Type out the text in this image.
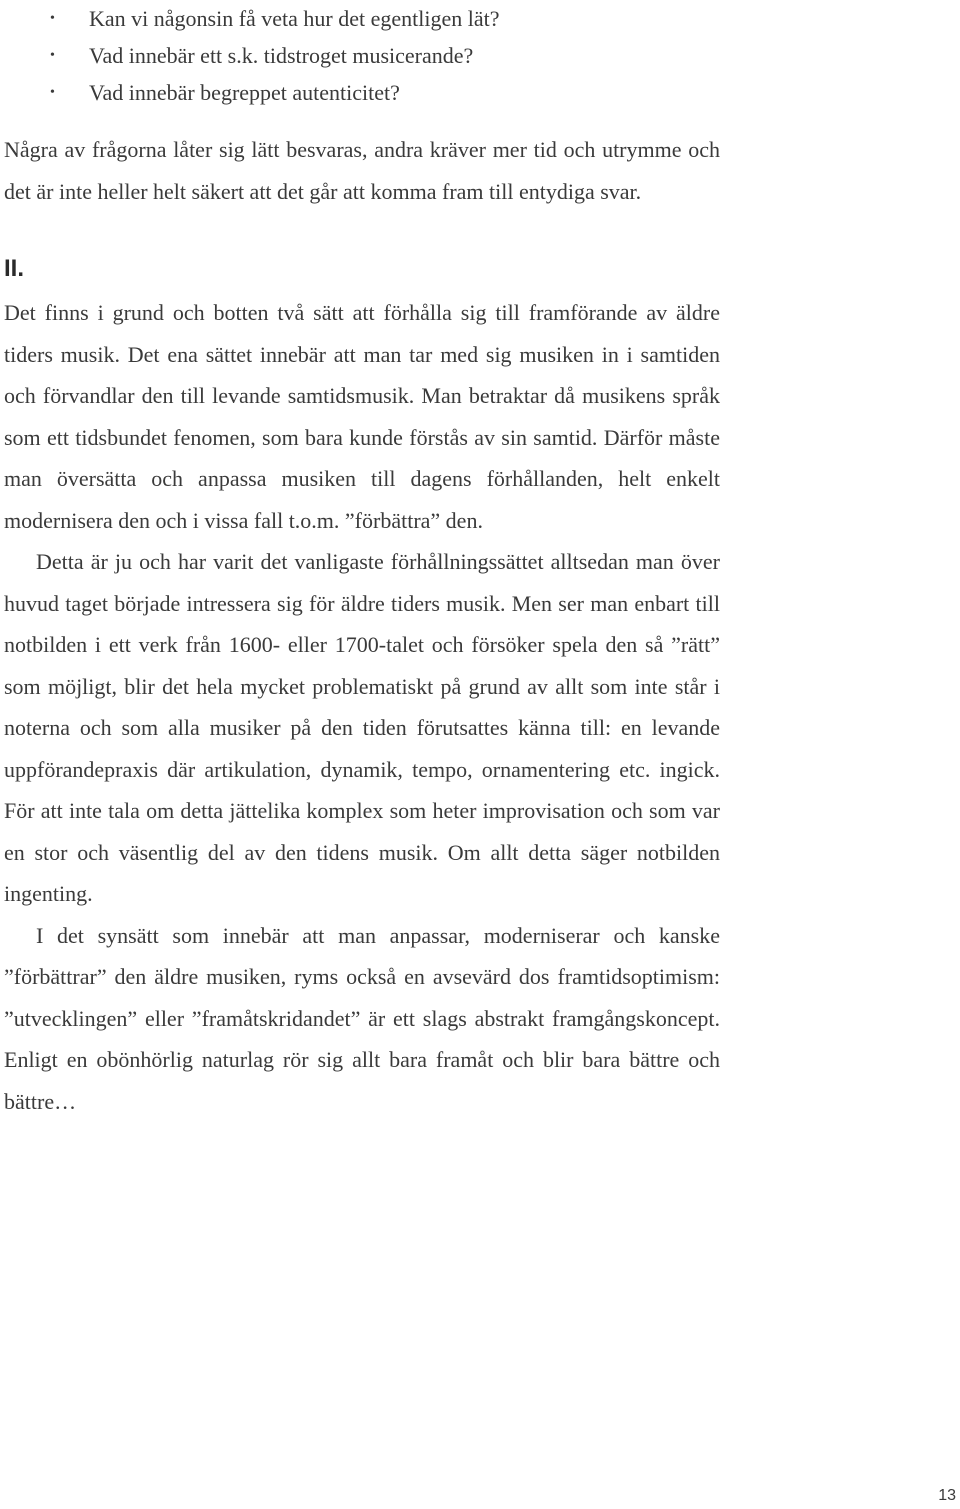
• Kan vi någonsin få veta hur det egentligen lät?
• Vad innebär ett s.k. tidstroget musicerande?
• Vad innebär begreppet autenticitet?

Några av frågorna låter sig lätt besvaras, andra kräver mer tid och utrymme och det är inte heller helt säkert att det går att komma fram till entydiga svar.

II.

Det finns i grund och botten två sätt att förhålla sig till framförande av äldre tiders musik. Det ena sättet innebär att man tar med sig musiken in i samtiden och förvandlar den till levande samtidsmusik. Man betraktar då musikens språk som ett tidsbundet fenomen, som bara kunde förstås av sin samtid. Därför måste man översätta och anpassa musiken till dagens förhållanden, helt enkelt modernisera den och i vissa fall t.o.m. ”förbättra” den.

Detta är ju och har varit det vanligaste förhållningssättet alltsedan man över huvud taget började intressera sig för äldre tiders musik. Men ser man enbart till notbilden i ett verk från 1600- eller 1700-talet och försöker spela den så ”rätt” som möjligt, blir det hela mycket problematiskt på grund av allt som inte står i noterna och som alla musiker på den tiden förutsattes känna till: en levande uppförandepraxis där artikulation, dynamik, tempo, ornamentering etc. ingick. För att inte tala om detta jättelika komplex som heter improvisation och som var en stor och väsentlig del av den tidens musik. Om allt detta säger notbilden ingenting.

I det synsätt som innebär att man anpassar, moderniserar och kanske ”förbättrar” den äldre musiken, ryms också en avsevärd dos framtidsoptimism: ”utvecklingen” eller ”framåtskridandet” är ett slags abstrakt framgångskoncept. Enligt en obönhörlig naturlag rör sig allt bara framåt och blir bara bättre och bättre…

13
